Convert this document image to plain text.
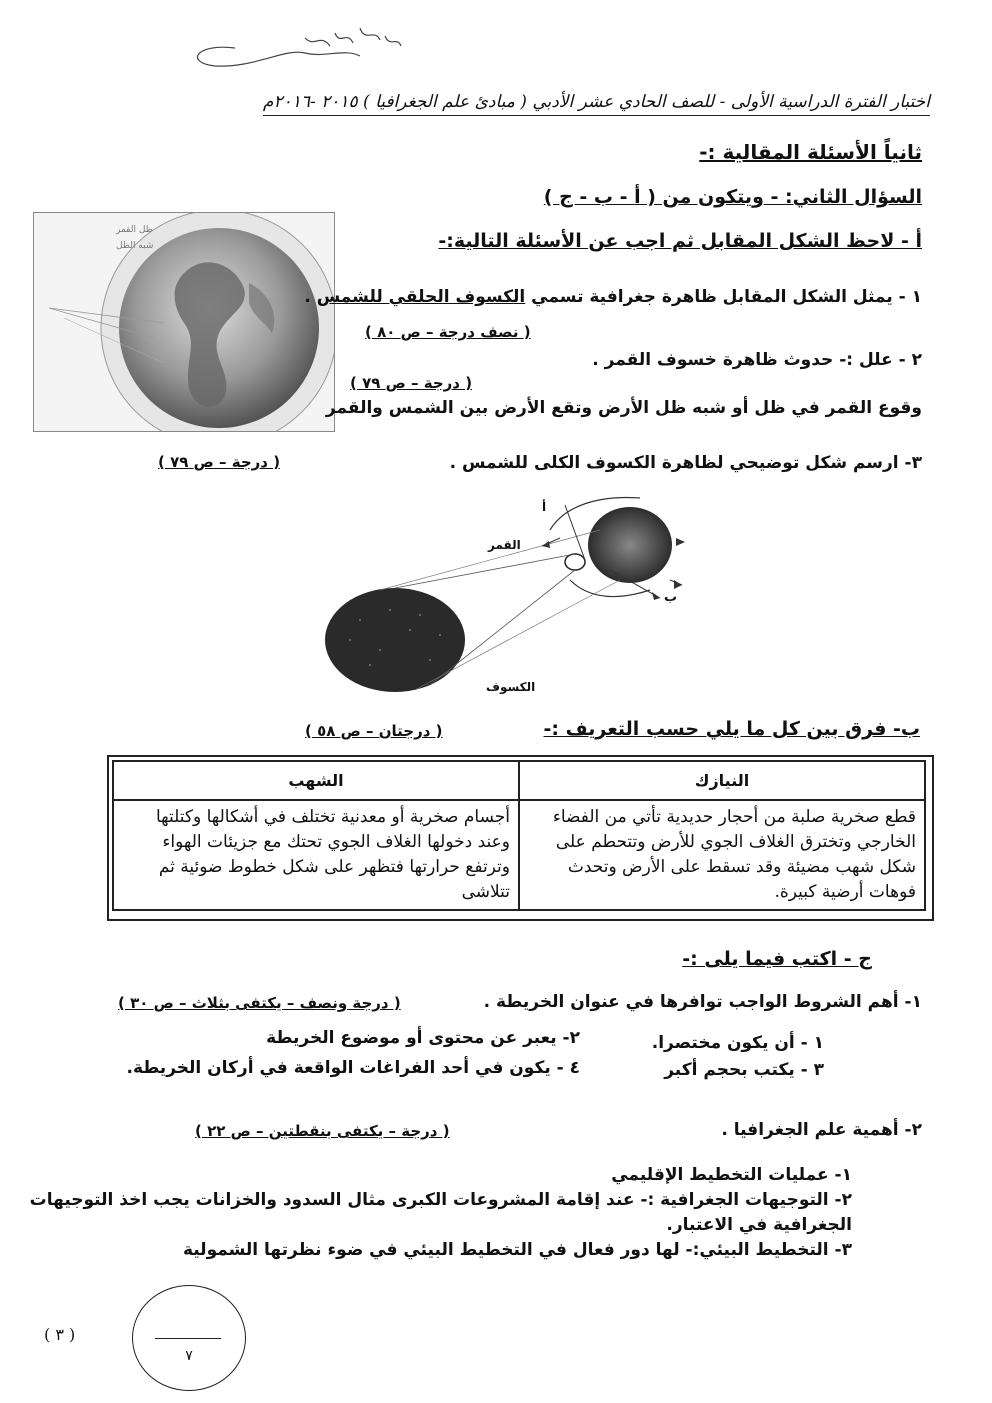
اختبار الفترة الدراسية الأولى - للصف الحادي عشر الأدبي ( مبادئ علم الجغرافيا ) ٢٠١٥ -٢٠١٦م
ثانياً الأسئلة المقالية :-
السؤال الثاني: - ويتكون من ( أ - ب - ج )
أ - لاحظ الشكل المقابل ثم اجب عن الأسئلة التالية:-
ظل القمر
شبه الظل
١ - يمثل الشكل المقابل ظاهرة جغرافية تسمي الكسوف الحلقي للشمس .
( نصف درجة – ص ٨٠ )
٢ - علل :- حدوث ظاهرة خسوف القمر .
( درجة – ص ٧٩ )
وقوع القمر في ظل أو شبه ظل الأرض وتقع الأرض بين الشمس والقمر
( درجة – ص ٧٩ )	٣- ارسم شكل توضيحي لظاهرة الكسوف الكلى للشمس .
القمر
أ
ب
الكسوف
ب- فرق بين كل ما يلي حسب التعريف :-
( درجتان – ص ٥٨ )
الشهب	النيازك
أجسام صخرية أو معدنية تختلف في أشكالها وكتلتها وعند دخولها الغلاف الجوي تحتك مع جزيئات الهواء وترتفع حرارتها فتظهر على شكل خطوط ضوئية ثم تتلاشى	قطع صخرية صلبة من أحجار حديدية تأتي من الفضاء الخارجي وتخترق الغلاف الجوي للأرض وتتحطم على شكل شهب مضيئة وقد تسقط على الأرض وتحدث فوهات أرضية كبيرة.
ج - اكتب فيما يلى :-
١- أهم الشروط الواجب توافرها في عنوان الخريطة .
( درجة ونصف – يكتفى بثلاث – ص ٣٠ )
١ - أن يكون مختصرا.
٢- يعبر عن محتوى أو موضوع الخريطة
٣ - يكتب بحجم أكبر
٤ - يكون في أحد الفراغات الواقعة في أركان الخريطة.
٢- أهمية علم الجغرافيا .
( درجة – يكتفى بنقطتين – ص ٢٢ )
١- عمليات التخطيط الإقليمي
٢- التوجيهات الجغرافية :- عند إقامة المشروعات الكبرى مثال السدود والخزانات يجب اخذ التوجيهات
الجغرافية في الاعتبار.
٣- التخطيط البيئي:- لها دور فعال في التخطيط البيئي في ضوء نظرتها الشمولية
( ٣ )
٧
